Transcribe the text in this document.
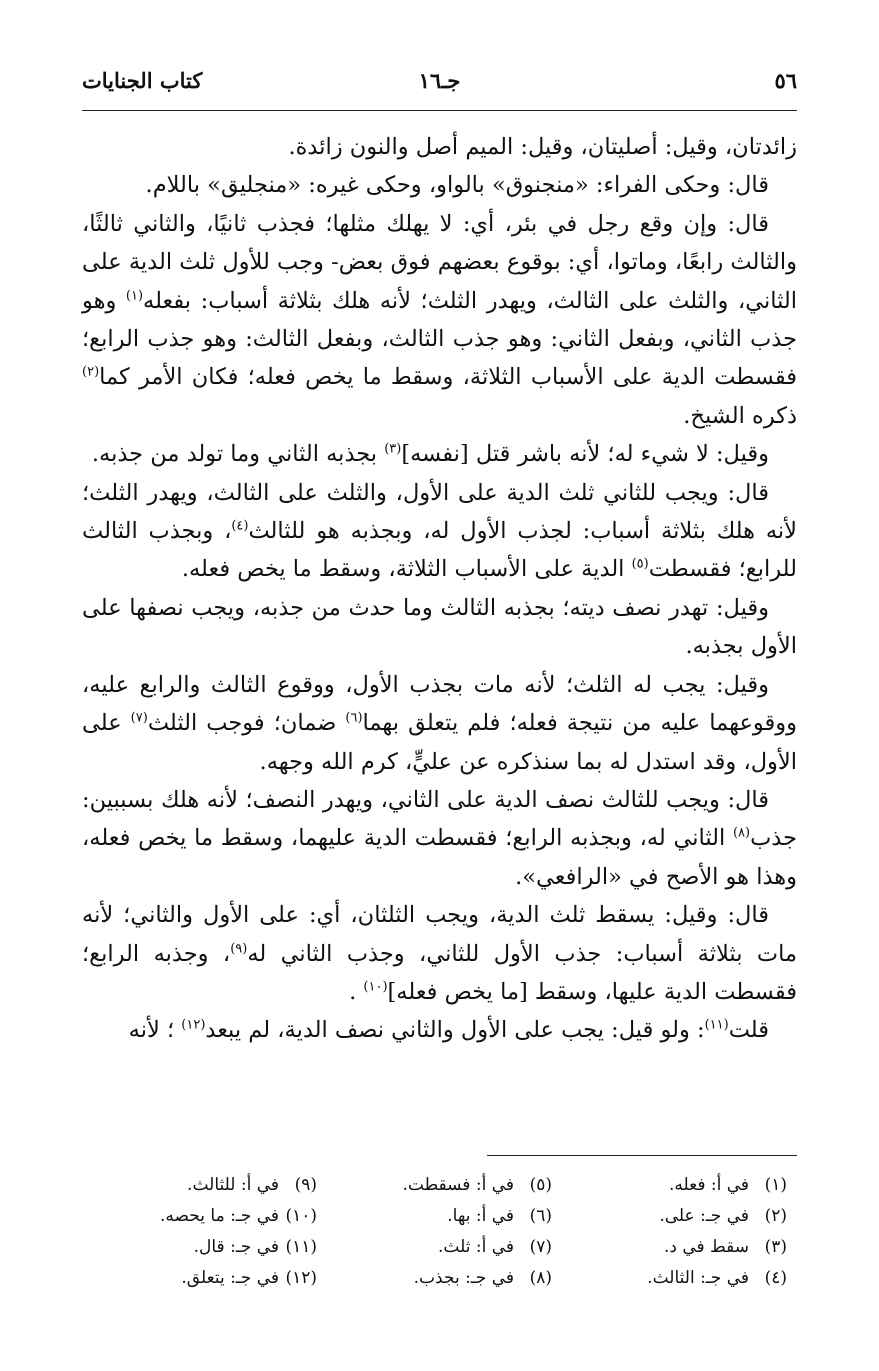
٥٦
جـ١٦
كتاب الجنايات

زائدتان، وقيل: أصليتان، وقيل: الميم أصل والنون زائدة.

قال: وحكى الفراء: «منجنوق» بالواو، وحكى غيره: «منجليق» باللام.

قال: وإن وقع رجل في بئر، أي: لا يهلك مثلها؛ فجذب ثانيًا، والثاني ثالثًا، والثالث رابعًا، وماتوا، أي: بوقوع بعضهم فوق بعض- وجب للأول ثلث الدية على الثاني، والثلث على الثالث، ويهدر الثلث؛ لأنه هلك بثلاثة أسباب: بفعله$^{(١)}$ وهو جذب الثاني، وبفعل الثاني: وهو جذب الثالث، وبفعل الثالث: وهو جذب الرابع؛ فقسطت الدية على الأسباب الثلاثة، وسقط ما يخص فعله؛ فكان الأمر كما$^{(٢)}$ ذكره الشيخ.

وقيل: لا شيء له؛ لأنه باشر قتل [نفسه]$^{(٣)}$ بجذبه الثاني وما تولد من جذبه.

قال: ويجب للثاني ثلث الدية على الأول، والثلث على الثالث، ويهدر الثلث؛ لأنه هلك بثلاثة أسباب: لجذب الأول له، وبجذبه هو للثالث$^{(٤)}$، وبجذب الثالث للرابع؛ فقسطت$^{(٥)}$ الدية على الأسباب الثلاثة، وسقط ما يخص فعله.

وقيل: تهدر نصف ديته؛ بجذبه الثالث وما حدث من جذبه، ويجب نصفها على الأول بجذبه.

وقيل: يجب له الثلث؛ لأنه مات بجذب الأول، ووقوع الثالث والرابع عليه، ووقوعهما عليه من نتيجة فعله؛ فلم يتعلق بهما$^{(٦)}$ ضمان؛ فوجب الثلث$^{(٧)}$ على الأول، وقد استدل له بما سنذكره عن عليٍّ، كرم الله وجهه.

قال: ويجب للثالث نصف الدية على الثاني، ويهدر النصف؛ لأنه هلك بسببين: جذب$^{(٨)}$ الثاني له، وبجذبه الرابع؛ فقسطت الدية عليهما، وسقط ما يخص فعله، وهذا هو الأصح في «الرافعي».

قال: وقيل: يسقط ثلث الدية، ويجب الثلثان، أي: على الأول والثاني؛ لأنه مات بثلاثة أسباب: جذب الأول للثاني، وجذب الثاني له$^{(٩)}$، وجذبه الرابع؛ فقسطت الدية عليها، وسقط [ما يخص فعله]$^{(١٠)}$ .

قلت$^{(١١)}$: ولو قيل: يجب على الأول والثاني نصف الدية، لم يبعد$^{(١٢)}$ ؛ لأنه

(١)في أ: فعله.
(٢)في جـ: على.
(٣)سقط في د.
(٤)في جـ: الثالث.
(٥)في أ: فسقطت.
(٦)في أ: بها.
(٧)في أ: ثلث.
(٨)في جـ: بجذب.
(٩)في أ: للثالث.
(١٠)في جـ: ما يحصه.
(١١)في جـ: قال.
(١٢)في جـ: يتعلق.
